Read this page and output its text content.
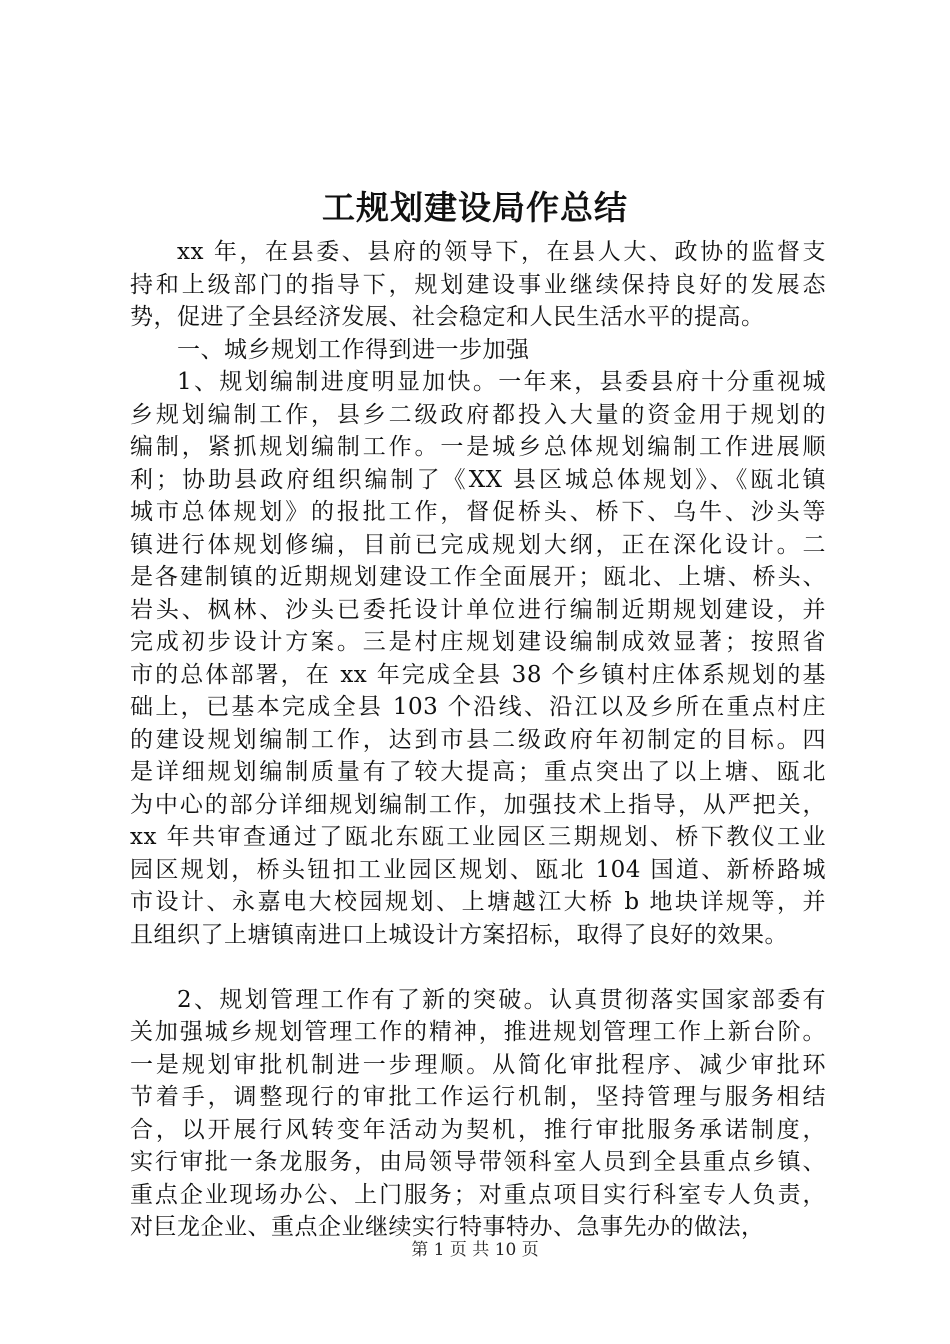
工规划建设局作总结
xx 年，在县委、县府的领导下，在县人大、政协的监督支
持和上级部门的指导下，规划建设事业继续保持良好的发展态
势，促进了全县经济发展、社会稳定和人民生活水平的提高。
一、城乡规划工作得到进一步加强
1、规划编制进度明显加快。一年来，县委县府十分重视城
乡规划编制工作，县乡二级政府都投入大量的资金用于规划的
编制，紧抓规划编制工作。一是城乡总体规划编制工作进展顺
利；协助县政府组织编制了《XX 县区城总体规划》、《瓯北镇
城市总体规划》的报批工作，督促桥头、桥下、乌牛、沙头等
镇进行体规划修编，目前已完成规划大纲，正在深化设计。二
是各建制镇的近期规划建设工作全面展开；瓯北、上塘、桥头、
岩头、枫林、沙头已委托设计单位进行编制近期规划建设，并
完成初步设计方案。三是村庄规划建设编制成效显著；按照省
市的总体部署，在 xx 年完成全县 38 个乡镇村庄体系规划的基
础上，已基本完成全县 103 个沿线、沿江以及乡所在重点村庄
的建设规划编制工作，达到市县二级政府年初制定的目标。四
是详细规划编制质量有了较大提高；重点突出了以上塘、瓯北
为中心的部分详细规划编制工作，加强技术上指导，从严把关，
xx 年共审查通过了瓯北东瓯工业园区三期规划、桥下教仪工业
园区规划，桥头钮扣工业园区规划、瓯北 104 国道、新桥路城
市设计、永嘉电大校园规划、上塘越江大桥 b 地块详规等，并
且组织了上塘镇南进口上城设计方案招标，取得了良好的效果。
2、规划管理工作有了新的突破。认真贯彻落实国家部委有
关加强城乡规划管理工作的精神，推进规划管理工作上新台阶。
一是规划审批机制进一步理顺。从简化审批程序、减少审批环
节着手，调整现行的审批工作运行机制，坚持管理与服务相结
合，以开展行风转变年活动为契机，推行审批服务承诺制度，
实行审批一条龙服务，由局领导带领科室人员到全县重点乡镇、
重点企业现场办公、上门服务；对重点项目实行科室专人负责，
对巨龙企业、重点企业继续实行特事特办、急事先办的做法，
第 1 页 共 10 页
